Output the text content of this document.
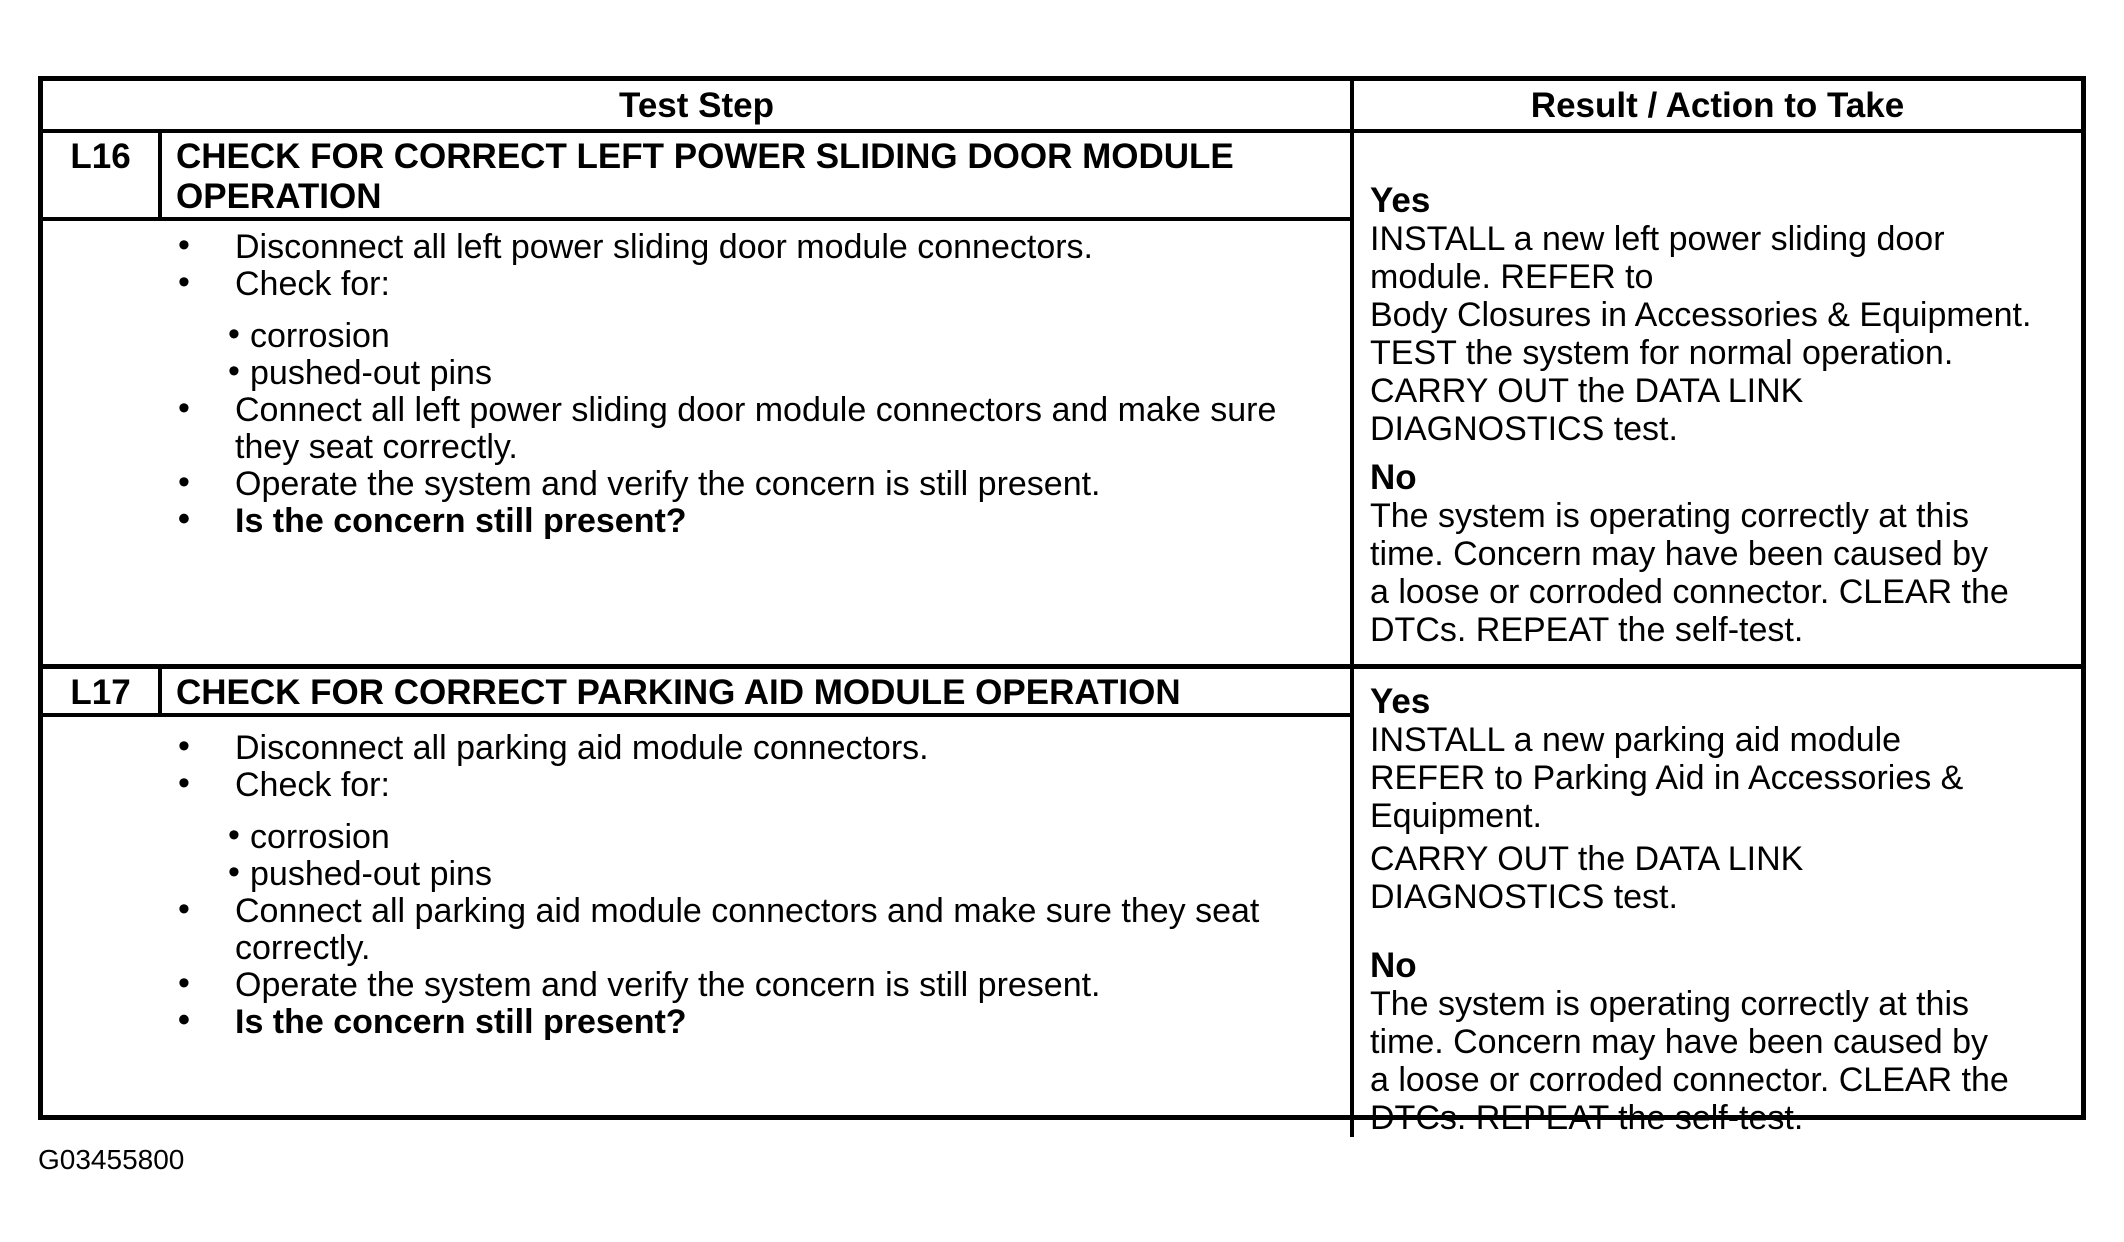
Test Step	Result / Action to Take
L16	CHECK FOR CORRECT LEFT POWER SLIDING DOOR MODULE OPERATION
• Disconnect all left power sliding door module connectors.
• Check for:
• corrosion
• pushed-out pins
• Connect all left power sliding door module connectors and make sure they seat correctly.
• Operate the system and verify the concern is still present.
• Is the concern still present?
Yes
INSTALL a new left power sliding door
module. REFER to
Body Closures in Accessories & Equipment.
TEST the system for normal operation.
CARRY OUT the DATA LINK
DIAGNOSTICS test.
No
The system is operating correctly at this
time. Concern may have been caused by
a loose or corroded connector. CLEAR the
DTCs. REPEAT the self-test.
L17	CHECK FOR CORRECT PARKING AID MODULE OPERATION
• Disconnect all parking aid module connectors.
• Check for:
• corrosion
• pushed-out pins
• Connect all parking aid module connectors and make sure they seat correctly.
• Operate the system and verify the concern is still present.
• Is the concern still present?
Yes
INSTALL a new parking aid module
REFER to Parking Aid in Accessories &
Equipment.
CARRY OUT the DATA LINK
DIAGNOSTICS test.
No
The system is operating correctly at this
time. Concern may have been caused by
a loose or corroded connector. CLEAR the
DTCs. REPEAT the self-test.
G03455800
